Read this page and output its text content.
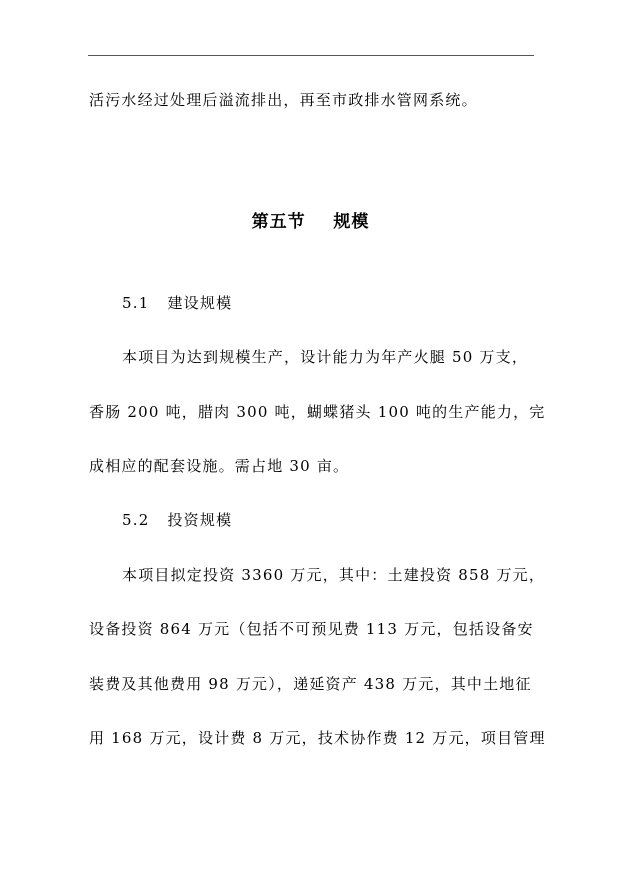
活污水经过处理后溢流排出，再至市政排水管网系统。
第五节    规模
5.1 建设规模
本项目为达到规模生产，设计能力为年产火腿 50 万支，
香肠 200 吨，腊肉 300 吨，蝴蝶猪头 100 吨的生产能力，完
成相应的配套设施。需占地 30 亩。
5.2 投资规模
本项目拟定投资 3360 万元，其中：土建投资 858 万元，
设备投资 864 万元（包括不可预见费 113 万元，包括设备安
装费及其他费用 98 万元），递延资产 438 万元，其中土地征
用 168 万元，设计费 8 万元，技术协作费 12 万元，项目管理
